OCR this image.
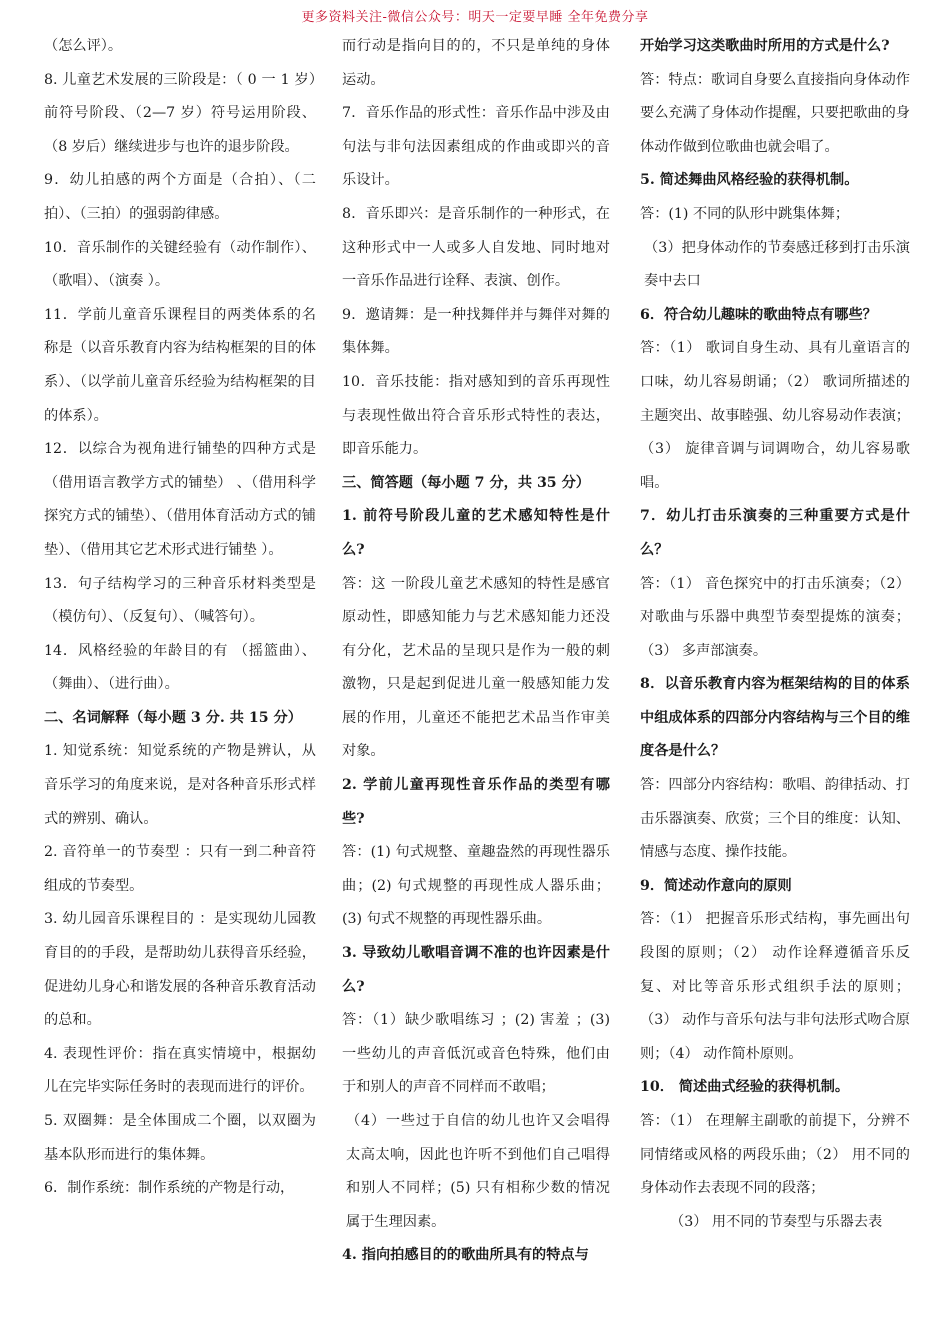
更多资料关注-微信公众号：明天一定要早睡 全年免费分享

（怎么评）。

8. 儿童艺术发展的三阶段是：（ 0 一 1 岁）前符号阶段、（2—7 岁）符号运用阶段、（8 岁后）继续进步与也许的退步阶段。

9．幼儿拍感的两个方面是（合拍）、（二拍）、（三拍）的强弱韵律感。

10．音乐制作的关键经验有（动作制作）、（歌唱）、（演奏 ）。

11．学前儿童音乐课程目的两类体系的名称是（以音乐教育内容为结构框架的目的体系）、（以学前儿童音乐经验为结构框架的目的体系）。

12．以综合为视角进行铺垫的四种方式是（借用语言教学方式的铺垫） 、（借用科学探究方式的铺垫）、（借用体育活动方式的铺垫）、（借用其它艺术形式进行铺垫 ）。

13．句子结构学习的三种音乐材料类型是（模仿句）、（反复句）、（喊答句）。

14．风格经验的年龄目的有 （摇篮曲）、（舞曲）、（进行曲）。

二、名词解释（每小题 3 分. 共 15 分）

1. 知觉系统：知觉系统的产物是辨认，从音乐学习的角度来说，是对各种音乐形式样式的辨别、确认。

2. 音符单一的节奏型 ：只有一到二种音符组成的节奏型。

3. 幼儿园音乐课程目的 ：是实现幼儿园教育目的的手段，是帮助幼儿获得音乐经验，促进幼儿身心和谐发展的各种音乐教育活动的总和。

4. 表现性评价：指在真实情境中，根据幼儿在完毕实际任务时的表现而进行的评价。

5. 双圈舞：是全体围成二个圈，以双圈为基本队形而进行的集体舞。

6．制作系统：制作系统的产物是行动，

而行动是指向目的的，不只是单纯的身体运动。

7．音乐作品的形式性：音乐作品中涉及由句法与非句法因素组成的作曲或即兴的音乐设计。

8．音乐即兴：是音乐制作的一种形式，在这种形式中一人或多人自发地、同时地对一音乐作品进行诠释、表演、创作。

9．邀请舞：是一种找舞伴并与舞伴对舞的集体舞。

10．音乐技能：指对感知到的音乐再现性与表现性做出符合音乐形式特性的表达，即音乐能力。

三、简答题（每小题 7 分，共 35 分）

1. 前符号阶段儿童的艺术感知特性是什么?

答：这 一阶段儿童艺术感知的特性是感官原动性，即感知能力与艺术感知能力还没有分化，艺术品的呈现只是作为一般的刺激物，只是起到促进儿童一般感知能力发展的作用，儿童还不能把艺术品当作审美对象。

2. 学前儿童再现性音乐作品的类型有哪些?

答：(1) 句式规整、童趣盎然的再现性器乐曲；(2) 句式规整的再现性成人器乐曲；(3) 句式不规整的再现性器乐曲。

3. 导致幼儿歌唱音调不准的也许因素是什么?

答：（1）缺少歌唱练习 ；(2) 害羞 ；(3) 一些幼儿的声音低沉或音色特殊，他们由于和别人的声音不同样而不敢唱；

（4）一些过于自信的幼儿也许又会唱得太高太响，因此也许听不到他们自己唱得和别人不同样；(5) 只有相称少数的情况属于生理因素。

4. 指向拍感目的的歌曲所具有的特点与

开始学习这类歌曲时所用的方式是什么?

答：特点：歌词自身要么直接指向身体动作要么充满了身体动作提醒，只要把歌曲的身体动作做到位歌曲也就会唱了。

5. 简述舞曲风格经验的获得机制。

答：(1) 不同的队形中跳集体舞；

（3）把身体动作的节奏感迁移到打击乐演奏中去口

6．符合幼儿趣味的歌曲特点有哪些？

答：（1） 歌词自身生动、具有儿童语言的口味，幼儿容易朗诵；（2） 歌词所描述的主题突出、故事睦强、幼儿容易动作表演；（3） 旋律音调与词调吻合，幼儿容易歌唱。

7．幼儿打击乐演奏的三种重要方式是什么？

答：（1） 音色探究中的打击乐演奏；（2） 对歌曲与乐器中典型节奏型提炼的演奏；（3） 多声部演奏。

8．以音乐教育内容为框架结构的目的体系中组成体系的四部分内容结构与三个目的维度各是什么？

答：四部分内容结构：歌唱、韵律括动、打击乐器演奏、欣赏；三个目的维度：认知、情感与态度、操作技能。

9．简述动作意向的原则

答：（1） 把握音乐形式结构，事先画出句段图的原则；（2） 动作诠释遵循音乐反复、对比等音乐形式组织手法的原则；（3） 动作与音乐句法与非句法形式吻合原则；（4） 动作简朴原则。

10． 简述曲式经验的获得机制。

答：（1） 在理解主副歌的前提下，分辨不同情绪或风格的两段乐曲；（2） 用不同的身体动作去表现不同的段落；

（3） 用不同的节奏型与乐器去表
